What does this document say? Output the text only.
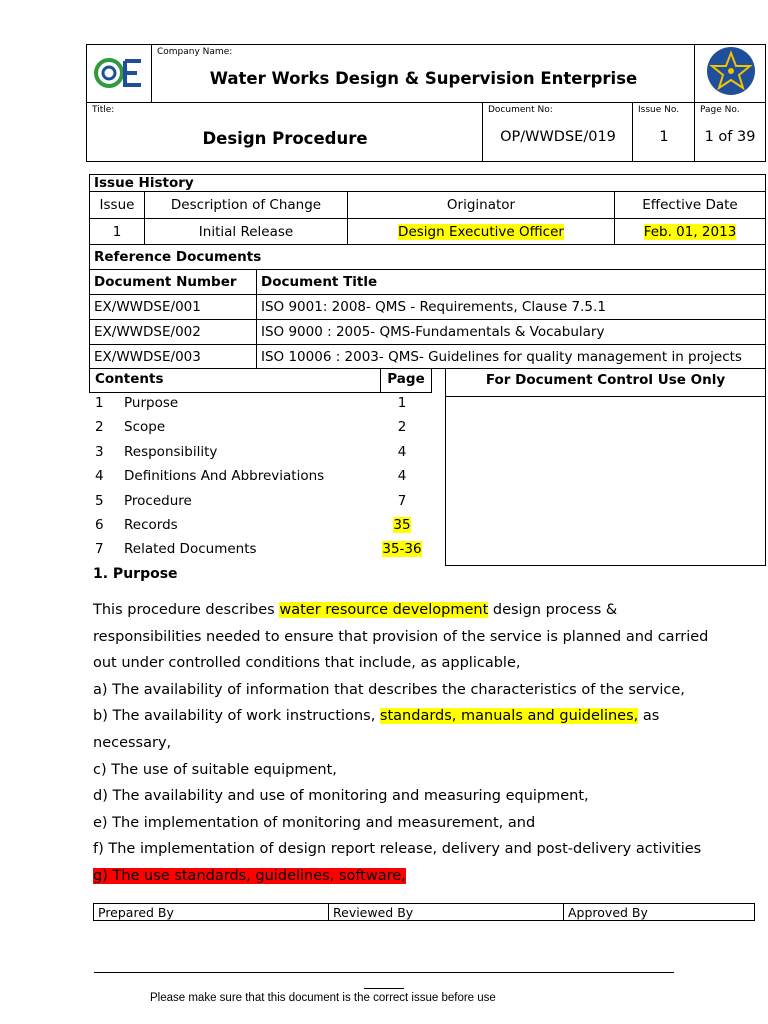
Company Name:
Water Works Design & Supervision Enterprise
Title:
Design Procedure
Document No:
OP/WWDSE/019
Issue No.
1
Page No.
1 of 39
Issue History			
Issue	Description of Change	Originator	Effective Date
1	Initial Release	Design Executive Officer	Feb. 01, 2013
Reference Documents	
Document Number	Document Title
EX/WWDSE/001	ISO 9001: 2008- QMS - Requirements, Clause 7.5.1
EX/WWDSE/002	ISO 9000 : 2005- QMS-Fundamentals & Vocabulary
EX/WWDSE/003	ISO 10006 : 2003- QMS- Guidelines for quality management in projects
Contents	Page
1 Purpose	1
2 Scope	2
3 Responsibility	4
4 Definitions And Abbreviations	4
5 Procedure	7
6 Records	35
7 Related Documents	35-36
For Document Control Use Only
1. Purpose
This procedure describes water resource development design process &
responsibilities needed to ensure that provision of the service is planned and carried
out under controlled conditions that include, as applicable,
a) The availability of information that describes the characteristics of the service,
b) The availability of work instructions, standards, manuals and guidelines, as
necessary,
c) The use of suitable equipment,
d) The availability and use of monitoring and measuring equipment,
e) The implementation of monitoring and measurement, and
f) The implementation of design report release, delivery and post-delivery activities
g) The use standards, guidelines, software,
Prepared By	Reviewed By	Approved By
Please make sure that this document is the correct issue before use
